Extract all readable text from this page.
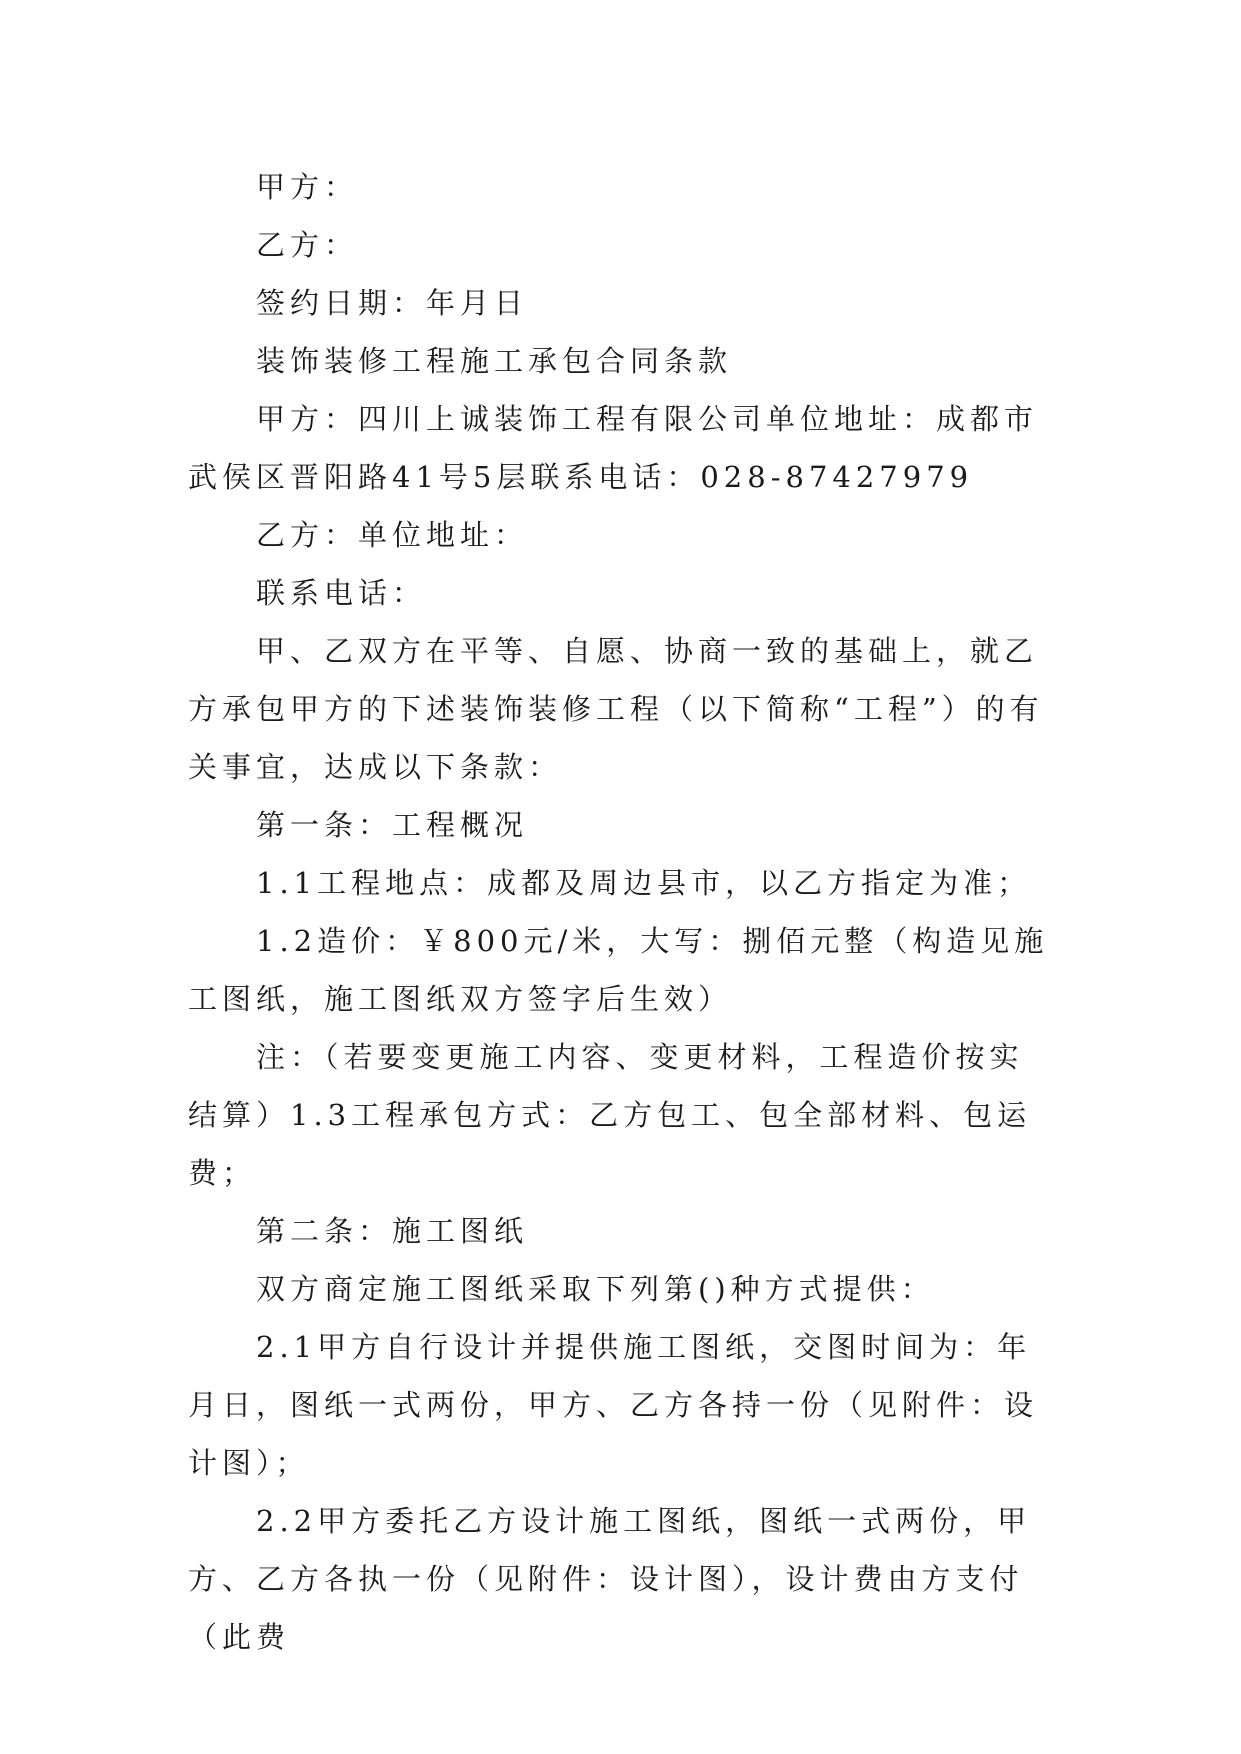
甲方：

乙方：

签约日期：年月日

装饰装修工程施工承包合同条款

甲方：四川上诚装饰工程有限公司单位地址：成都市武侯区晋阳路41号5层联系电话：028-87427979

乙方：单位地址：

联系电话：

甲、乙双方在平等、自愿、协商一致的基础上，就乙方承包甲方的下述装饰装修工程（以下简称“工程”）的有关事宜，达成以下条款：

第一条：工程概况

1.1工程地点：成都及周边县市，以乙方指定为准；

1.2造价：￥800元/米，大写：捌佰元整（构造见施工图纸，施工图纸双方签字后生效）

注：（若要变更施工内容、变更材料，工程造价按实结算）1.3工程承包方式：乙方包工、包全部材料、包运费；

第二条：施工图纸

双方商定施工图纸采取下列第()种方式提供：

2.1甲方自行设计并提供施工图纸，交图时间为：年月日，图纸一式两份，甲方、乙方各持一份（见附件：设计图）；

2.2甲方委托乙方设计施工图纸，图纸一式两份，甲方、乙方各执一份（见附件：设计图），设计费由方支付（此费
